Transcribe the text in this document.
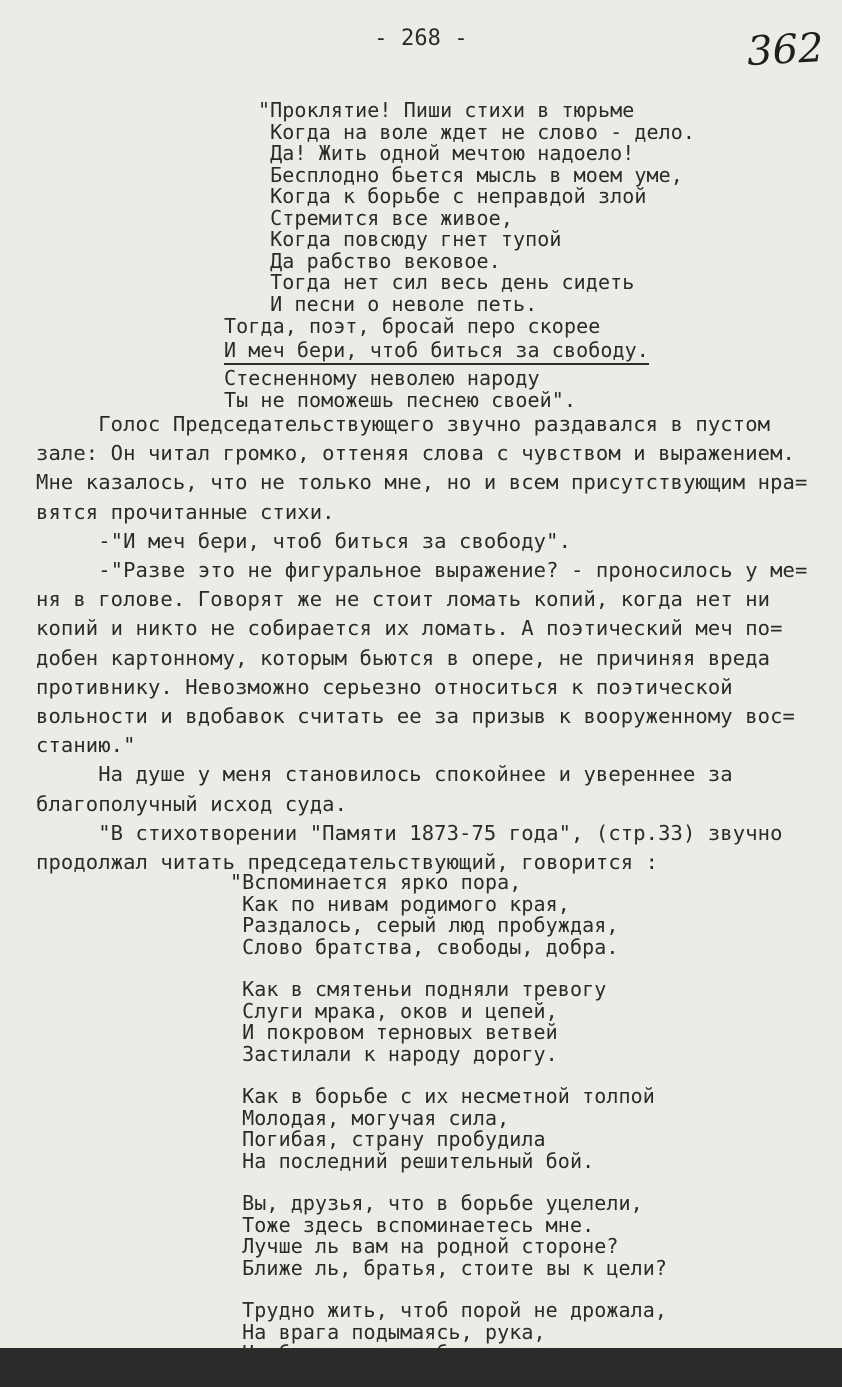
- 268 -	362
"Проклятие! Пиши стихи в тюрьме
Когда на воле ждет не слово - дело.
Да! Жить одной мечтою надоело!
Бесплодно бьется мысль в моем уме,
Когда к борьбе с неправдой злой
Стремится все живое,
Когда повсюду гнет тупой
Да рабство вековое.
Тогда нет сил весь день сидеть
И песни о неволе петь.
Тогда, поэт, бросай перо скорее
И меч бери, чтоб биться за свободу.
Стесненному неволею народу
Ты не поможешь песнею своей".
Голос Председательствующего звучно раздавался в пустом
зале: Он читал громко, оттеняя слова с чувством и выражением.
Мне казалось, что не только мне, но и всем присутствующим нра=
вятся прочитанные стихи.
-"И меч бери, чтоб биться за свободу".
-"Разве это не фигуральное выражение? - проносилось у ме=
ня в голове. Говорят же не стоит ломать копий, когда нет ни
копий и никто не собирается их ломать. А поэтический меч по=
добен картонному, которым бьются в опере, не причиняя вреда
противнику. Невозможно серьезно относиться к поэтической
вольности и вдобавок считать ее за призыв к вооруженному вос=
станию."
На душе у меня становилось спокойнее и увереннее за
благополучный исход суда.
"В стихотворении "Памяти 1873-75 года", (стр.33) звучно
продолжал читать председательствующий, говорится :
"Вспоминается ярко пора,
Как по нивам родимого края,
Раздалось, серый люд пробуждая,
Слово братства, свободы, добра.
Как в смятеньи подняли тревогу
Слуги мрака, оков и цепей,
И покровом терновых ветвей
Застилали к народу дорогу.
Как в борьбе с их несметной толпой
Молодая, могучая сила,
Погибая, страну пробудила
На последний решительный бой.
Вы, друзья, что в борьбе уцелели,
Тоже здесь вспоминаетесь мне.
Лучше ль вам на родной стороне?
Ближе ль, братья, стоите вы к цели?
Трудно жить, чтоб порой не дрожала,
На врага подымаясь, рука,
Чтобы сил не сгубила тоска,
Если счастье в борьбе изменяло.
